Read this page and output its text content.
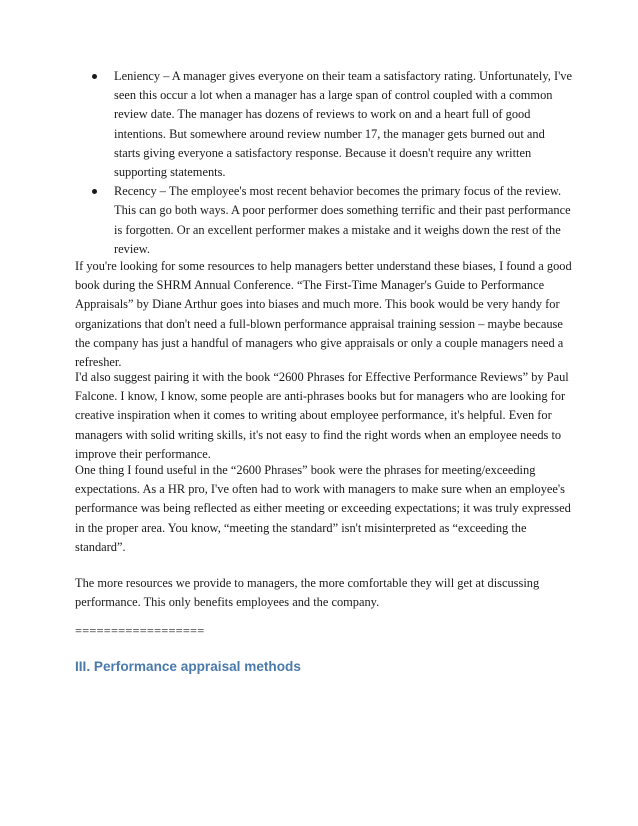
Leniency – A manager gives everyone on their team a satisfactory rating. Unfortunately, I've seen this occur a lot when a manager has a large span of control coupled with a common review date. The manager has dozens of reviews to work on and a heart full of good intentions. But somewhere around review number 17, the manager gets burned out and starts giving everyone a satisfactory response. Because it doesn't require any written supporting statements.
Recency – The employee's most recent behavior becomes the primary focus of the review. This can go both ways. A poor performer does something terrific and their past performance is forgotten. Or an excellent performer makes a mistake and it weighs down the rest of the review.

If you're looking for some resources to help managers better understand these biases, I found a good book during the SHRM Annual Conference. “The First-Time Manager's Guide to Performance Appraisals” by Diane Arthur goes into biases and much more. This book would be very handy for organizations that don't need a full-blown performance appraisal training session – maybe because the company has just a handful of managers who give appraisals or only a couple managers need a refresher.

I'd also suggest pairing it with the book “2600 Phrases for Effective Performance Reviews” by Paul Falcone. I know, I know, some people are anti-phrases books but for managers who are looking for creative inspiration when it comes to writing about employee performance, it's helpful. Even for managers with solid writing skills, it's not easy to find the right words when an employee needs to improve their performance.

One thing I found useful in the “2600 Phrases” book were the phrases for meeting/exceeding expectations. As a HR pro, I've often had to work with managers to make sure when an employee's performance was being reflected as either meeting or exceeding expectations; it was truly expressed in the proper area. You know, “meeting the standard” isn't misinterpreted as “exceeding the standard”.

The more resources we provide to managers, the more comfortable they will get at discussing performance. This only benefits employees and the company.

==================

III. Performance appraisal methods
